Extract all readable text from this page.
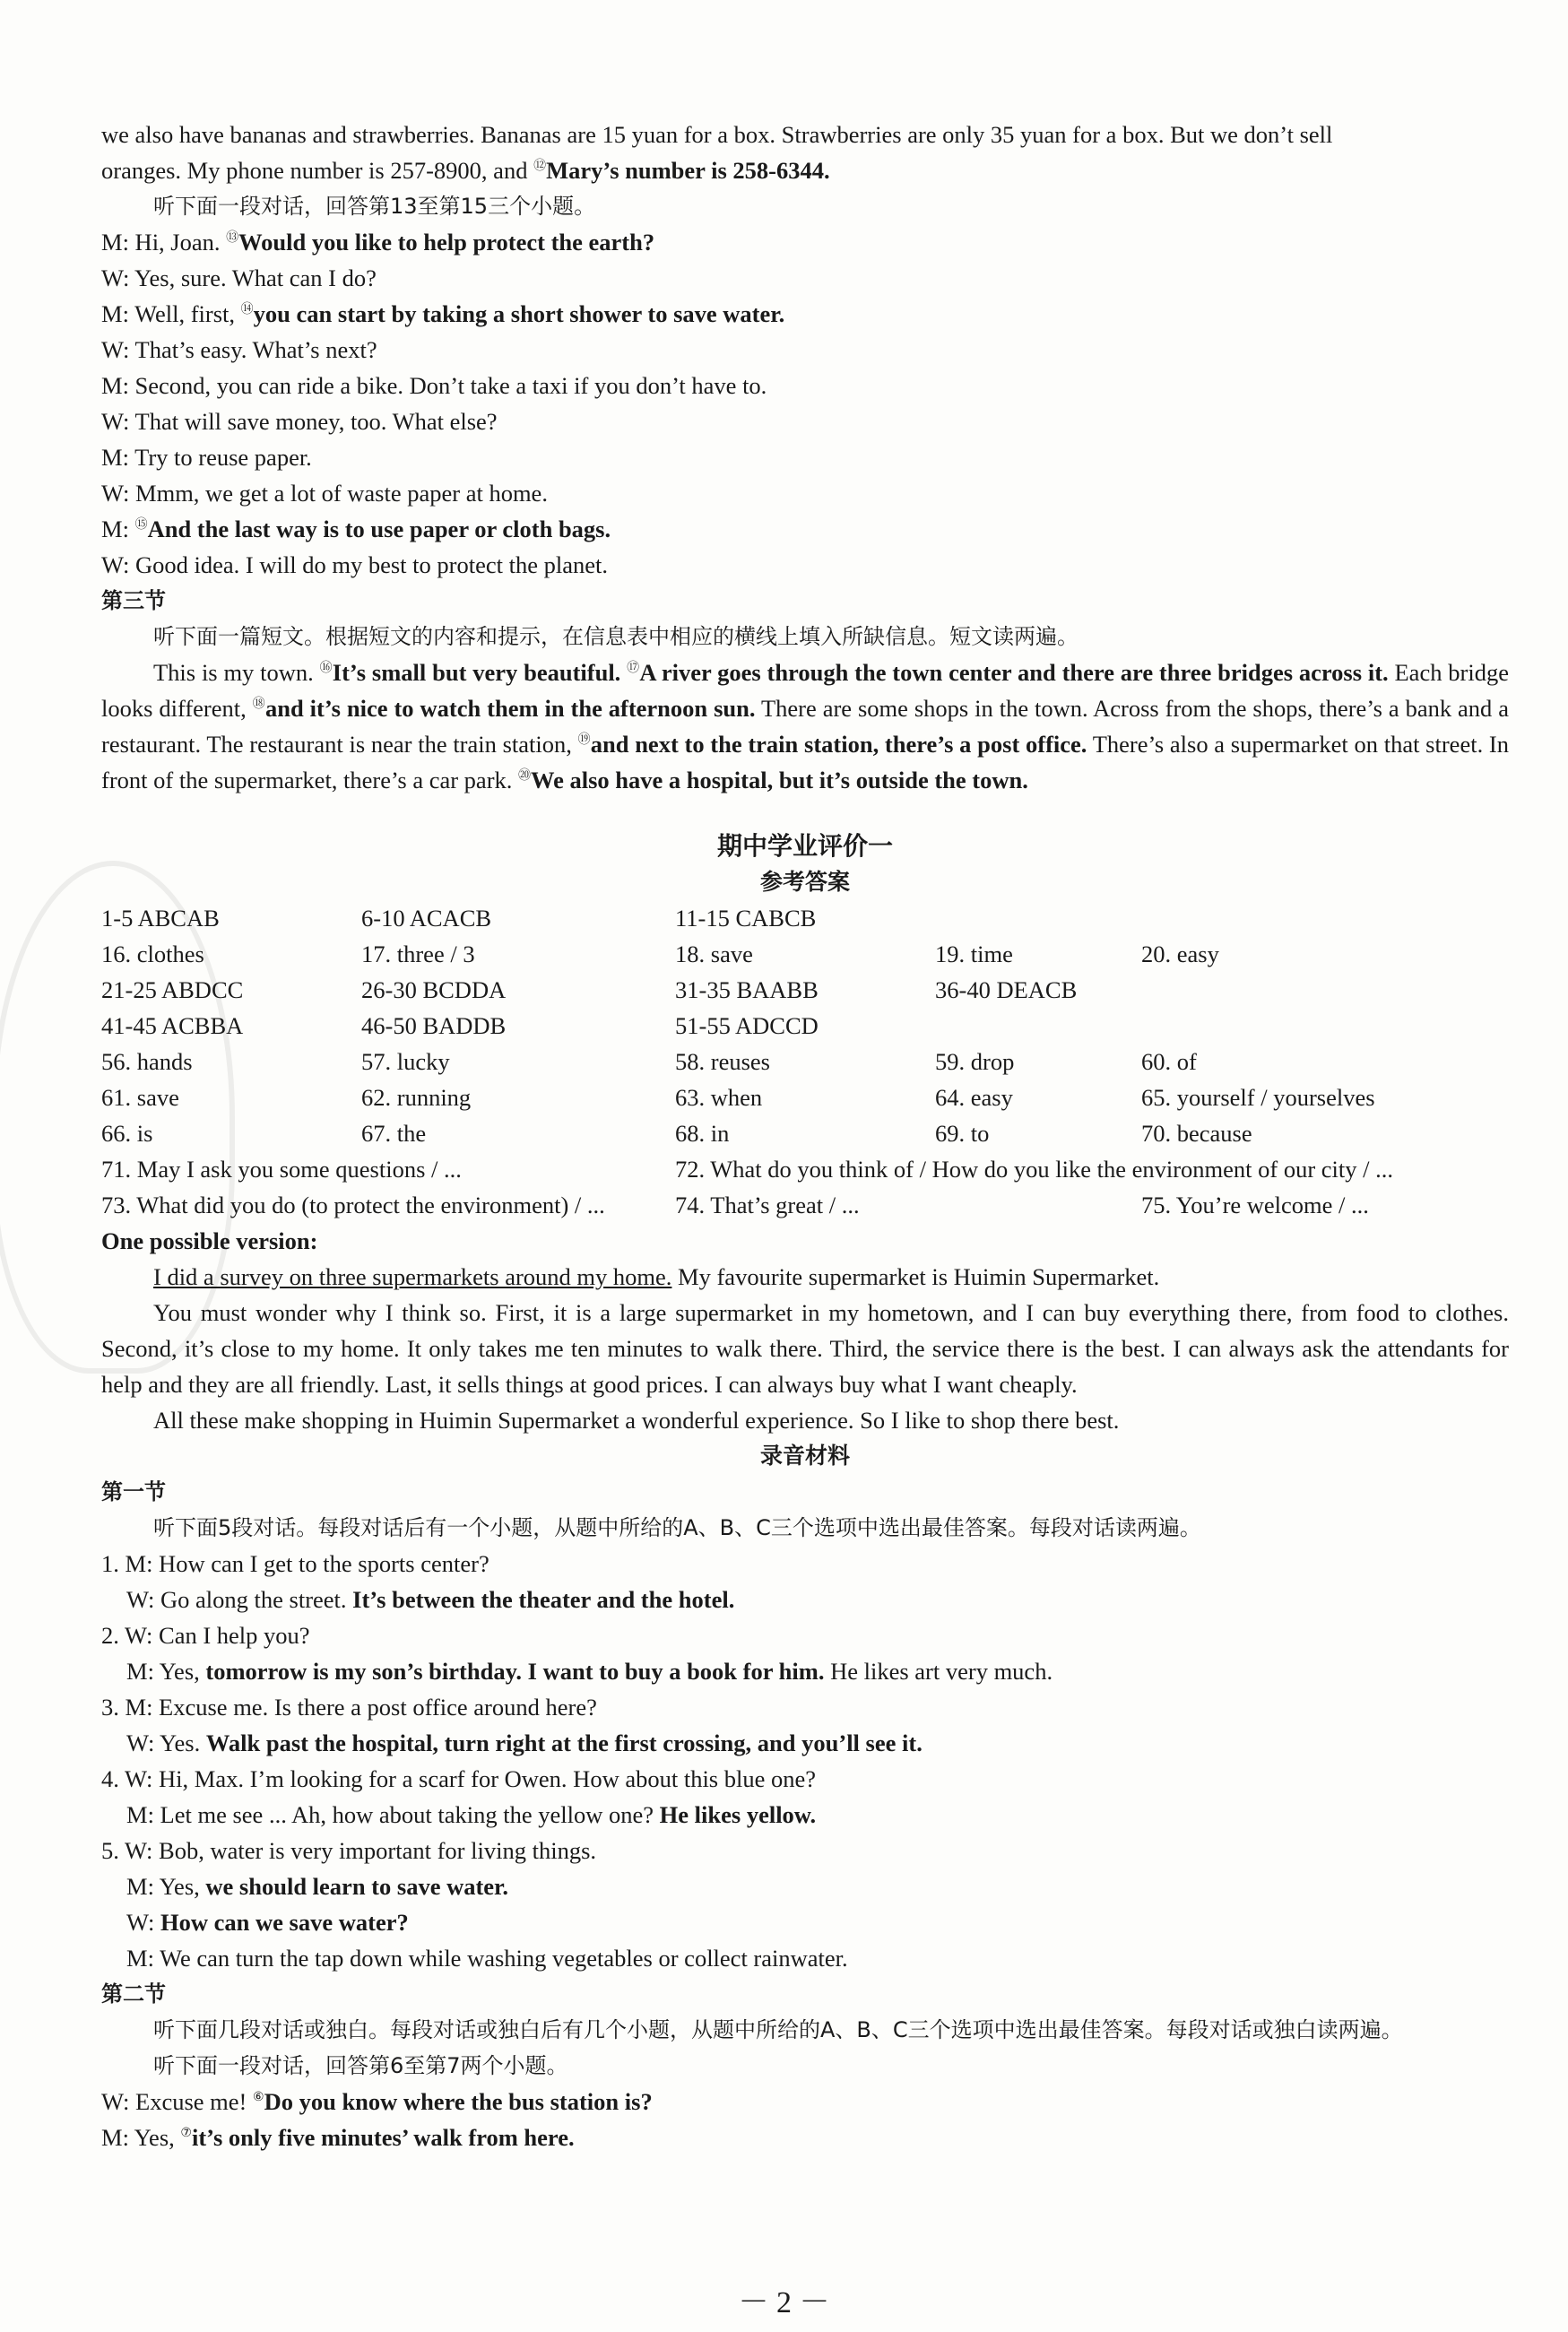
we also have bananas and strawberries. Bananas are 15 yuan for a box. Strawberries are only 35 yuan for a box. But we don’t sell

oranges. My phone number is 257-8900, and ⑫Mary’s number is 258-6344.

听下面一段对话，回答第13至第15三个小题。

M: Hi, Joan. ⑬Would you like to help protect the earth?

W: Yes, sure. What can I do?

M: Well, first, ⑭you can start by taking a short shower to save water.

W: That’s easy. What’s next?

M: Second, you can ride a bike. Don’t take a taxi if you don’t have to.

W: That will save money, too. What else?

M: Try to reuse paper.

W: Mmm, we get a lot of waste paper at home.

M: ⑮And the last way is to use paper or cloth bags.

W: Good idea. I will do my best to protect the planet.

第三节

听下面一篇短文。根据短文的内容和提示，在信息表中相应的横线上填入所缺信息。短文读两遍。

This is my town. ⑯It’s small but very beautiful. ⑰A river goes through the town center and there are three bridges across it. Each bridge looks different, ⑱and it’s nice to watch them in the afternoon sun. There are some shops in the town. Across from the shops, there’s a bank and a restaurant. The restaurant is near the train station, ⑲and next to the train station, there’s a post office. There’s also a supermarket on that street. In front of the supermarket, there’s a car park. ⑳We also have a hospital, but it’s outside the town.

期中学业评价一

参考答案

1-5 ABCAB	6-10 ACACB	11-15 CABCB
16. clothes	17. three / 3	18. save	19. time	20. easy
21-25 ABDCC	26-30 BCDDA	31-35 BAABB	36-40 DEACB
41-45 ACBBA	46-50 BADDB	51-55 ADCCD
56. hands	57. lucky	58. reuses	59. drop	60. of
61. save	62. running	63. when	64. easy	65. yourself / yourselves
66. is	67. the	68. in	69. to	70. because
71. May I ask you some questions / ...	72. What do you think of / How do you like the environment of our city / ...
73. What did you do (to protect the environment) / ...	74. That’s great / ...	75. You’re welcome / ...

One possible version:

I did a survey on three supermarkets around my home. My favourite supermarket is Huimin Supermarket.

You must wonder why I think so. First, it is a large supermarket in my hometown, and I can buy everything there, from food to clothes. Second, it’s close to my home. It only takes me ten minutes to walk there. Third, the service there is the best. I can always ask the attendants for help and they are all friendly. Last, it sells things at good prices. I can always buy what I want cheaply.

All these make shopping in Huimin Supermarket a wonderful experience. So I like to shop there best.

录音材料

第一节

听下面5段对话。每段对话后有一个小题，从题中所给的A、B、C三个选项中选出最佳答案。每段对话读两遍。

1. M: How can I get to the sports center?

W: Go along the street. It’s between the theater and the hotel.

2. W: Can I help you?

M: Yes, tomorrow is my son’s birthday. I want to buy a book for him. He likes art very much.

3. M: Excuse me. Is there a post office around here?

W: Yes. Walk past the hospital, turn right at the first crossing, and you’ll see it.

4. W: Hi, Max. I’m looking for a scarf for Owen. How about this blue one?

M: Let me see ... Ah, how about taking the yellow one? He likes yellow.

5. W: Bob, water is very important for living things.

M: Yes, we should learn to save water.

W: How can we save water?

M: We can turn the tap down while washing vegetables or collect rainwater.

第二节

听下面几段对话或独白。每段对话或独白后有几个小题，从题中所给的A、B、C三个选项中选出最佳答案。每段对话或独白读两遍。

听下面一段对话，回答第6至第7两个小题。

W: Excuse me! ⑥Do you know where the bus station is?

M: Yes, ⑦it’s only five minutes’ walk from here.

－ 2 －
